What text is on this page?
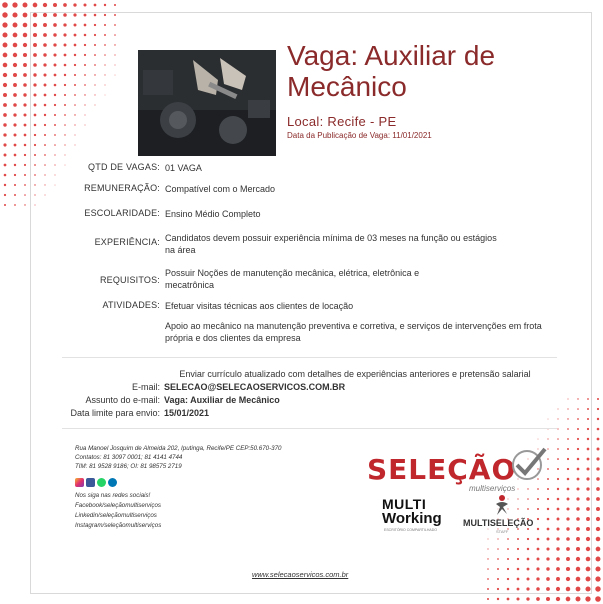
Vaga: Auxiliar de Mecânico
Local: Recife - PE
Data da Publicação de Vaga: 11/01/2021
QTD DE VAGAS: 01 VAGA
REMUNERAÇÃO: Compatível com o Mercado
ESCOLARIDADE: Ensino Médio Completo
EXPERIÊNCIA: Candidatos devem possuir experiência mínima de 03 meses na função ou estágios na área
REQUISITOS:
Possuir Noções de manutenção mecânica, elétrica, eletrônica e mecatrônica
ATIVIDADES: Efetuar visitas técnicas aos clientes de locação
Apoio ao mecânico na manutenção preventiva e corretiva, e serviços de intervenções em frota própria e dos clientes da empresa
Enviar currículo atualizado com detalhes de experiências anteriores e pretensão salarial
E-mail: SELECAO@SELECAOSERVICOS.COM.BR
Assunto do e-mail: Vaga: Auxiliar de Mecânico
Data limite para envio: 15/01/2021
Rua Manoel Josquim de Almeida 202, Iputinga, Recife/PE CEP:50.670-370
Contatos: 81 3097 0001; 81 4141 4744
TIM: 81 9528 9186; OI: 81 98575 2719
Nos siga nas redes sociais!
Facebook/seleçãomultiserviços
Linkedin/seleçãomultiserviços
Instagram/seleçãomultiserviços
SELEÇÃO
multiserviços
MULTI
Working
ESCRITÓRIO COMPARTILHADO
MULTISELEÇÃO
STAFF
www.selecaoservicos.com.br
